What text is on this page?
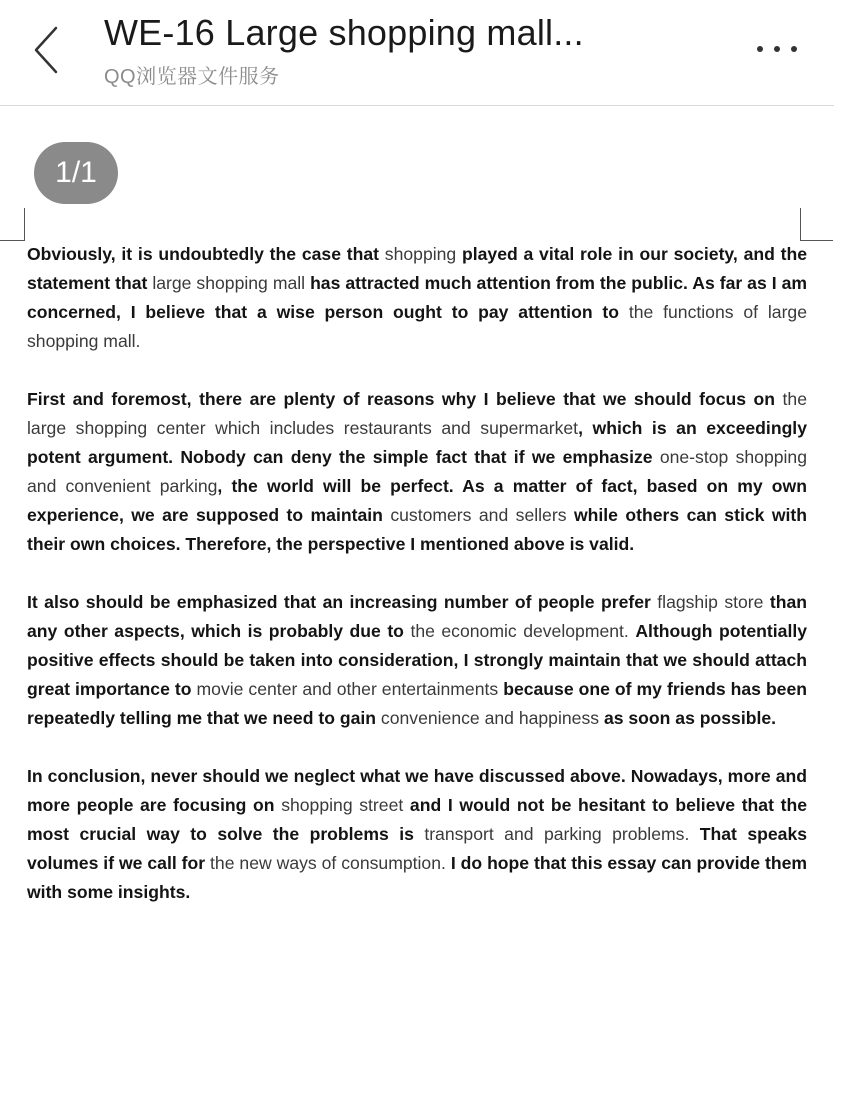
WE-16 Large shopping mall...
QQ浏览器文件服务
1/1

Obviously, it is undoubtedly the case that shopping played a vital role in our society, and the statement that large shopping mall has attracted much attention from the public. As far as I am concerned, I believe that a wise person ought to pay attention to the functions of large shopping mall.

First and foremost, there are plenty of reasons why I believe that we should focus on the large shopping center which includes restaurants and supermarket, which is an exceedingly potent argument. Nobody can deny the simple fact that if we emphasize one-stop shopping and convenient parking, the world will be perfect. As a matter of fact, based on my own experience, we are supposed to maintain customers and sellers while others can stick with their own choices. Therefore, the perspective I mentioned above is valid.

It also should be emphasized that an increasing number of people prefer flagship store than any other aspects, which is probably due to the economic development. Although potentially positive effects should be taken into consideration, I strongly maintain that we should attach great importance to movie center and other entertainments because one of my friends has been repeatedly telling me that we need to gain convenience and happiness as soon as possible.

In conclusion, never should we neglect what we have discussed above. Nowadays, more and more people are focusing on shopping street and I would not be hesitant to believe that the most crucial way to solve the problems is transport and parking problems. That speaks volumes if we call for the new ways of consumption. I do hope that this essay can provide them with some insights.
